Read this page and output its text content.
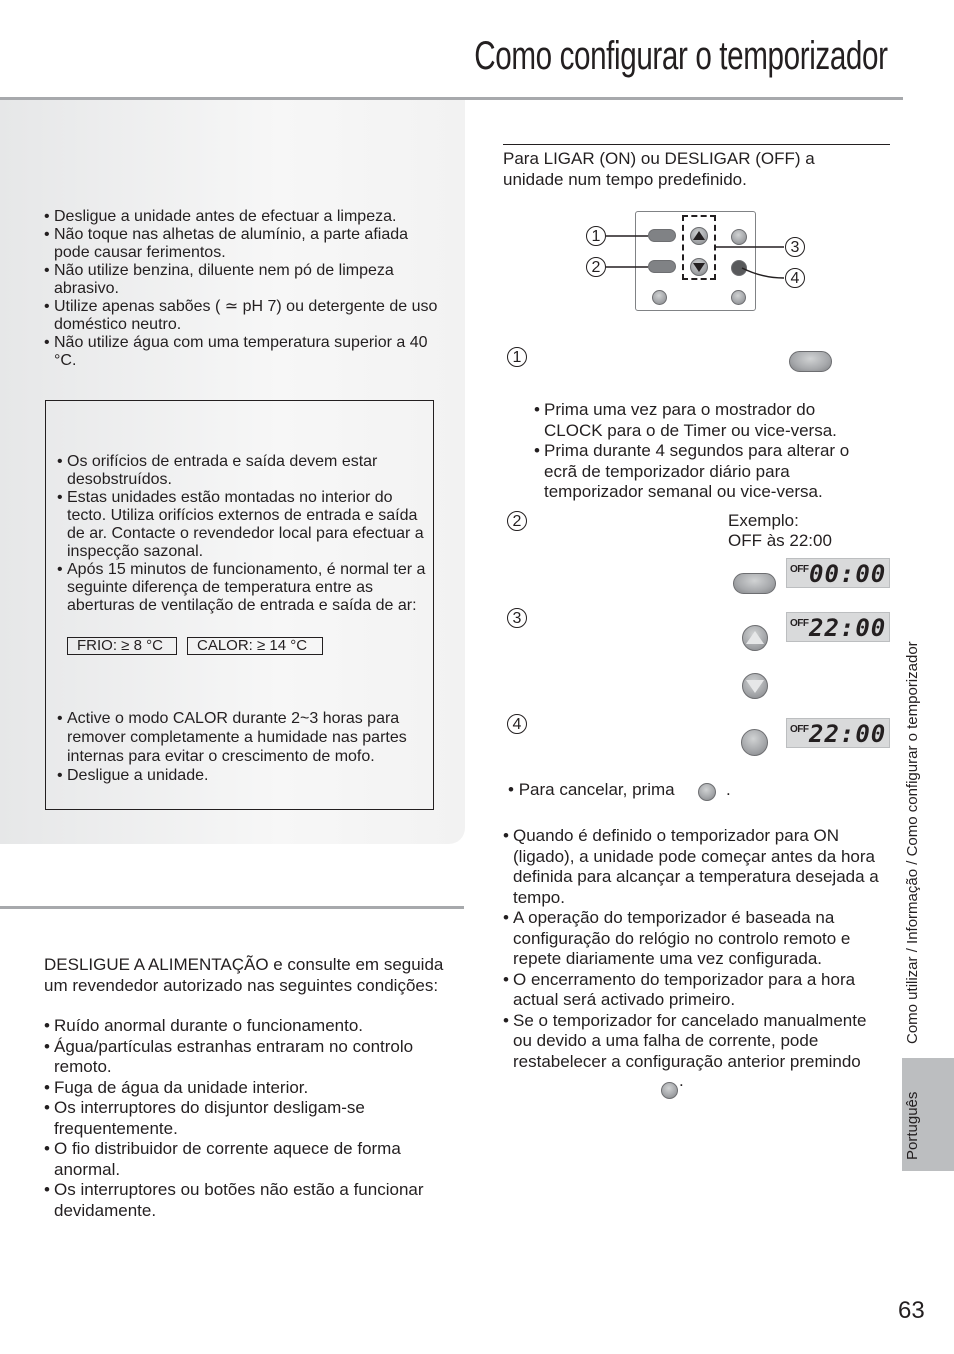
Como configurar o temporizador
• Desligue a unidade antes de efectuar a limpeza.
• Não toque nas alhetas de alumínio, a parte afiada pode causar ferimentos.
• Não utilize benzina, diluente nem pó de limpeza abrasivo.
• Utilize apenas sabões ( ≃ pH 7) ou detergente de uso doméstico neutro.
• Não utilize água com uma temperatura superior a 40 °C.
• Os orifícios de entrada e saída devem estar desobstruídos.
• Estas unidades estão montadas no interior do tecto. Utiliza orifícios externos de entrada e saída de ar. Contacte o revendedor local para efectuar a inspecção sazonal.
• Após 15 minutos de funcionamento, é normal ter a seguinte diferença de temperatura entre as aberturas de ventilação de entrada e saída de ar:
FRIO: ≥ 8 °C	CALOR: ≥ 14 °C
• Active o modo CALOR durante 2~3 horas para remover completamente a humidade nas partes internas para evitar o crescimento de mofo.
• Desligue a unidade.
DESLIGUE A ALIMENTAÇÃO e consulte em seguida um revendedor autorizado nas seguintes condições:
• Ruído anormal durante o funcionamento.
• Água/partículas estranhas entraram no controlo remoto.
• Fuga de água da unidade interior.
• Os interruptores do disjuntor desligam-se frequentemente.
• O fio distribuidor de corrente aquece de forma anormal.
• Os interruptores ou botões não estão a funcionar devidamente.
Para LIGAR (ON) ou DESLIGAR (OFF) a unidade num tempo predefinido.
1
2
3
4
1
• Prima uma vez para o mostrador do CLOCK para o de Timer ou vice-versa.
• Prima durante 4 segundos para alterar o ecrã de temporizador diário para temporizador semanal ou vice-versa.
2	Exemplo:
OFF às 22:00
OFF 00:00
3	OFF 22:00
4	OFF 22:00
• Para cancelar, prima	.
• Quando é definido o temporizador para ON (ligado), a unidade pode começar antes da hora definida para alcançar a temperatura desejada a tempo.
• A operação do temporizador é baseada na configuração do relógio no controlo remoto e repete diariamente uma vez configurada.
• O encerramento do temporizador para a hora actual será activado primeiro.
• Se o temporizador for cancelado manualmente ou devido a uma falha de corrente, pode restabelecer a configuração anterior premindo
.
Como utilizar / Informação / Como configurar o temporizador
Português
63
